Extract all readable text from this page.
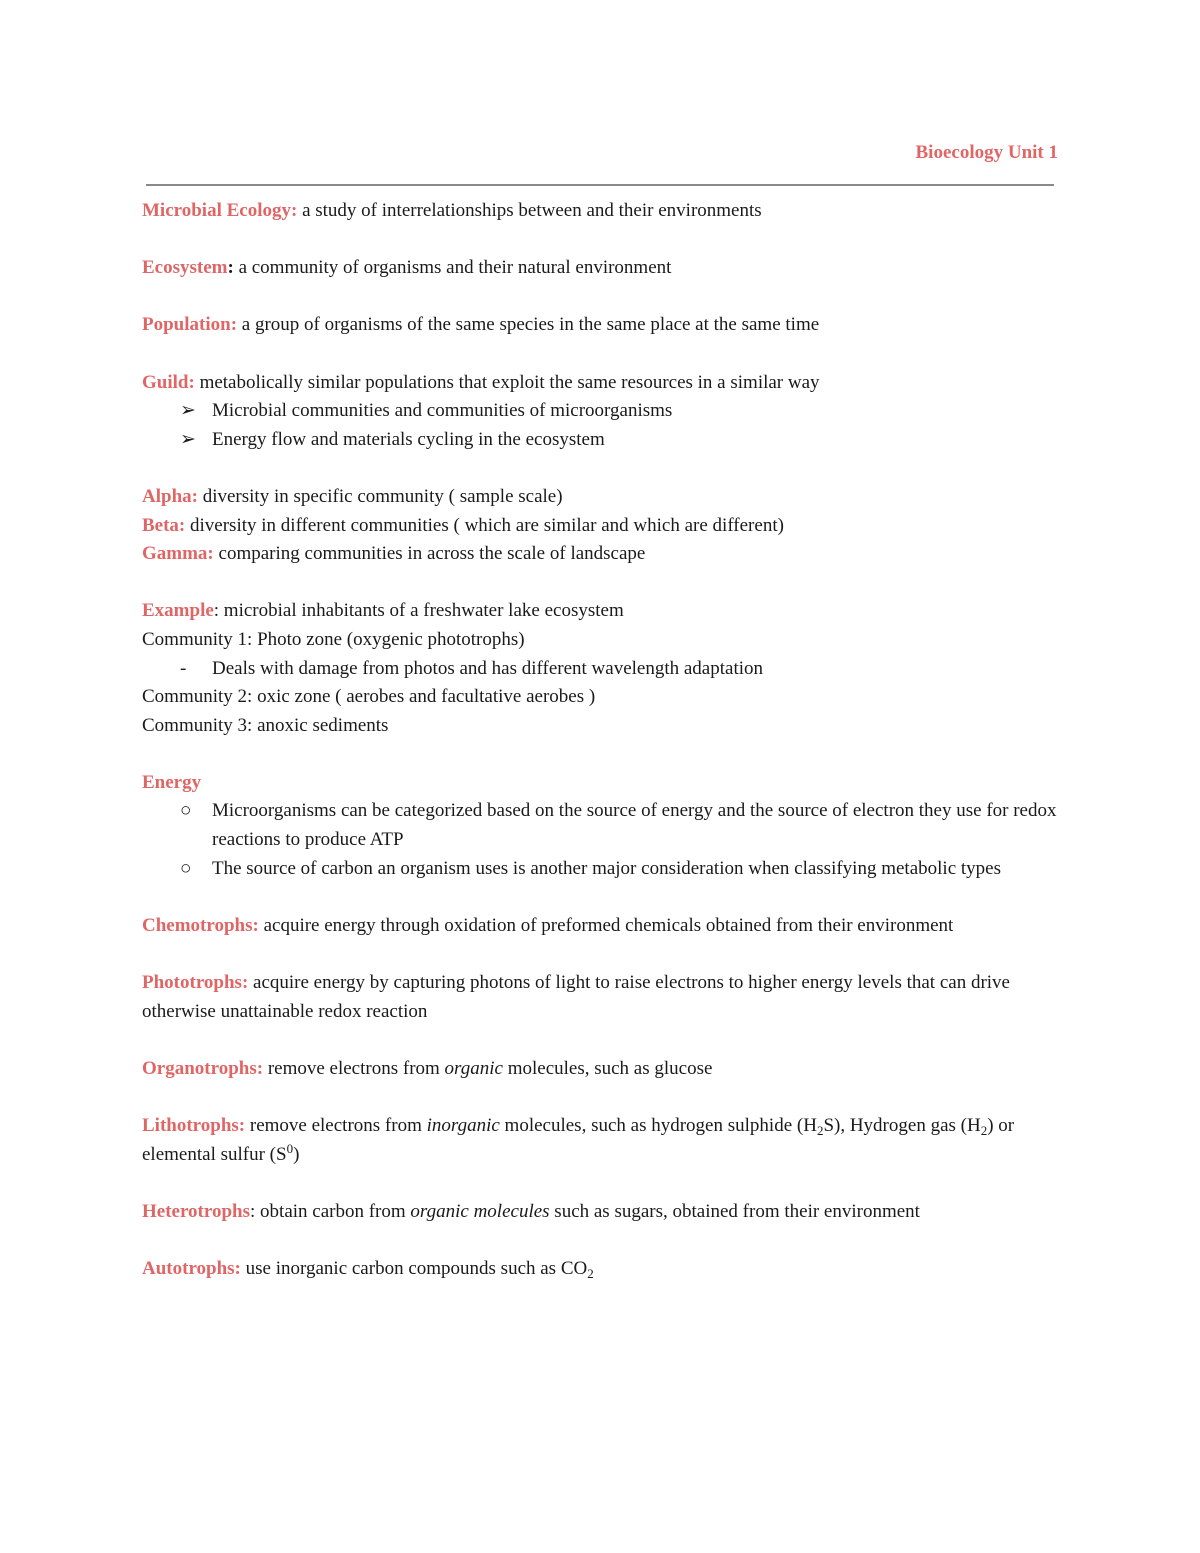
Bioecology Unit 1
Microbial Ecology: a study of interrelationships between and their environments
Ecosystem: a community of organisms and their natural environment
Population: a group of organisms of the same species in the same place at the same time
Guild: metabolically similar populations that exploit the same resources in a similar way
➢ Microbial communities and communities of microorganisms
➢ Energy flow and materials cycling in the ecosystem
Alpha: diversity in specific community ( sample scale)
Beta: diversity in different communities ( which are similar and which are different)
Gamma: comparing communities in across the scale of landscape
Example: microbial inhabitants of a freshwater lake ecosystem
Community 1: Photo zone (oxygenic phototrophs)
- Deals with damage from photos and has different wavelength adaptation
Community 2: oxic zone ( aerobes and facultative aerobes )
Community 3: anoxic sediments
Energy
○ Microorganisms can be categorized based on the source of energy and the source of electron they use for redox reactions to produce ATP
○ The source of carbon an organism uses is another major consideration when classifying metabolic types
Chemotrophs: acquire energy through oxidation of preformed chemicals obtained from their environment
Phototrophs: acquire energy by capturing photons of light to raise electrons to higher energy levels that can drive otherwise unattainable redox reaction
Organotrophs: remove electrons from organic molecules, such as glucose
Lithotrophs: remove electrons from inorganic molecules, such as hydrogen sulphide $(H_2S)$, Hydrogen gas $(H_2)$ or elemental sulfur $(S^0)$
Heterotrophs: obtain carbon from organic molecules such as sugars, obtained from their environment
Autotrophs: use inorganic carbon compounds such as $CO_2$
